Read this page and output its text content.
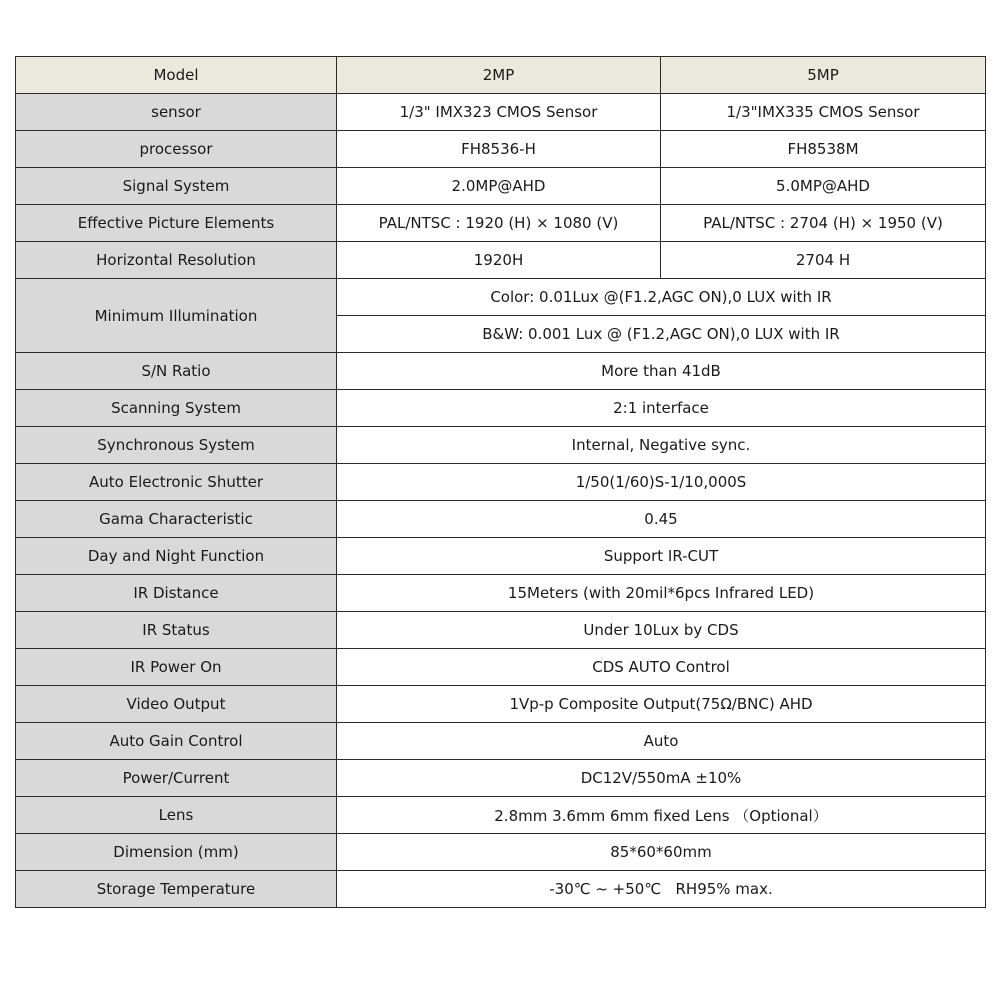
Model	2MP	5MP
sensor	1/3" IMX323 CMOS Sensor	1/3"IMX335 CMOS Sensor
processor	FH8536-H	FH8538M
Signal System	2.0MP@AHD	5.0MP@AHD
Effective Picture Elements	PAL/NTSC : 1920 (H) × 1080 (V)	PAL/NTSC : 2704 (H) × 1950 (V)
Horizontal Resolution	1920H	2704 H
Minimum Illumination	Color: 0.01Lux @(F1.2,AGC ON),0 LUX with IR	
	B&W: 0.001 Lux @ (F1.2,AGC ON),0 LUX with IR	
S/N Ratio	More than 41dB	
Scanning System	2:1 interface	
Synchronous System	Internal, Negative sync.	
Auto Electronic Shutter	1/50(1/60)S-1/10,000S	
Gama Characteristic	0.45	
Day and Night Function	Support IR-CUT	
IR Distance	15Meters (with 20mil*6pcs Infrared LED)	
IR Status	Under 10Lux by CDS	
IR Power On	CDS AUTO Control	
Video Output	1Vp-p Composite Output(75Ω/BNC) AHD	
Auto Gain Control	Auto	
Power/Current	DC12V/550mA ±10%	
Lens	2.8mm 3.6mm 6mm fixed Lens （Optional）	
Dimension (mm)	85*60*60mm	
Storage Temperature	-30℃ ~ +50℃   RH95% max.	
